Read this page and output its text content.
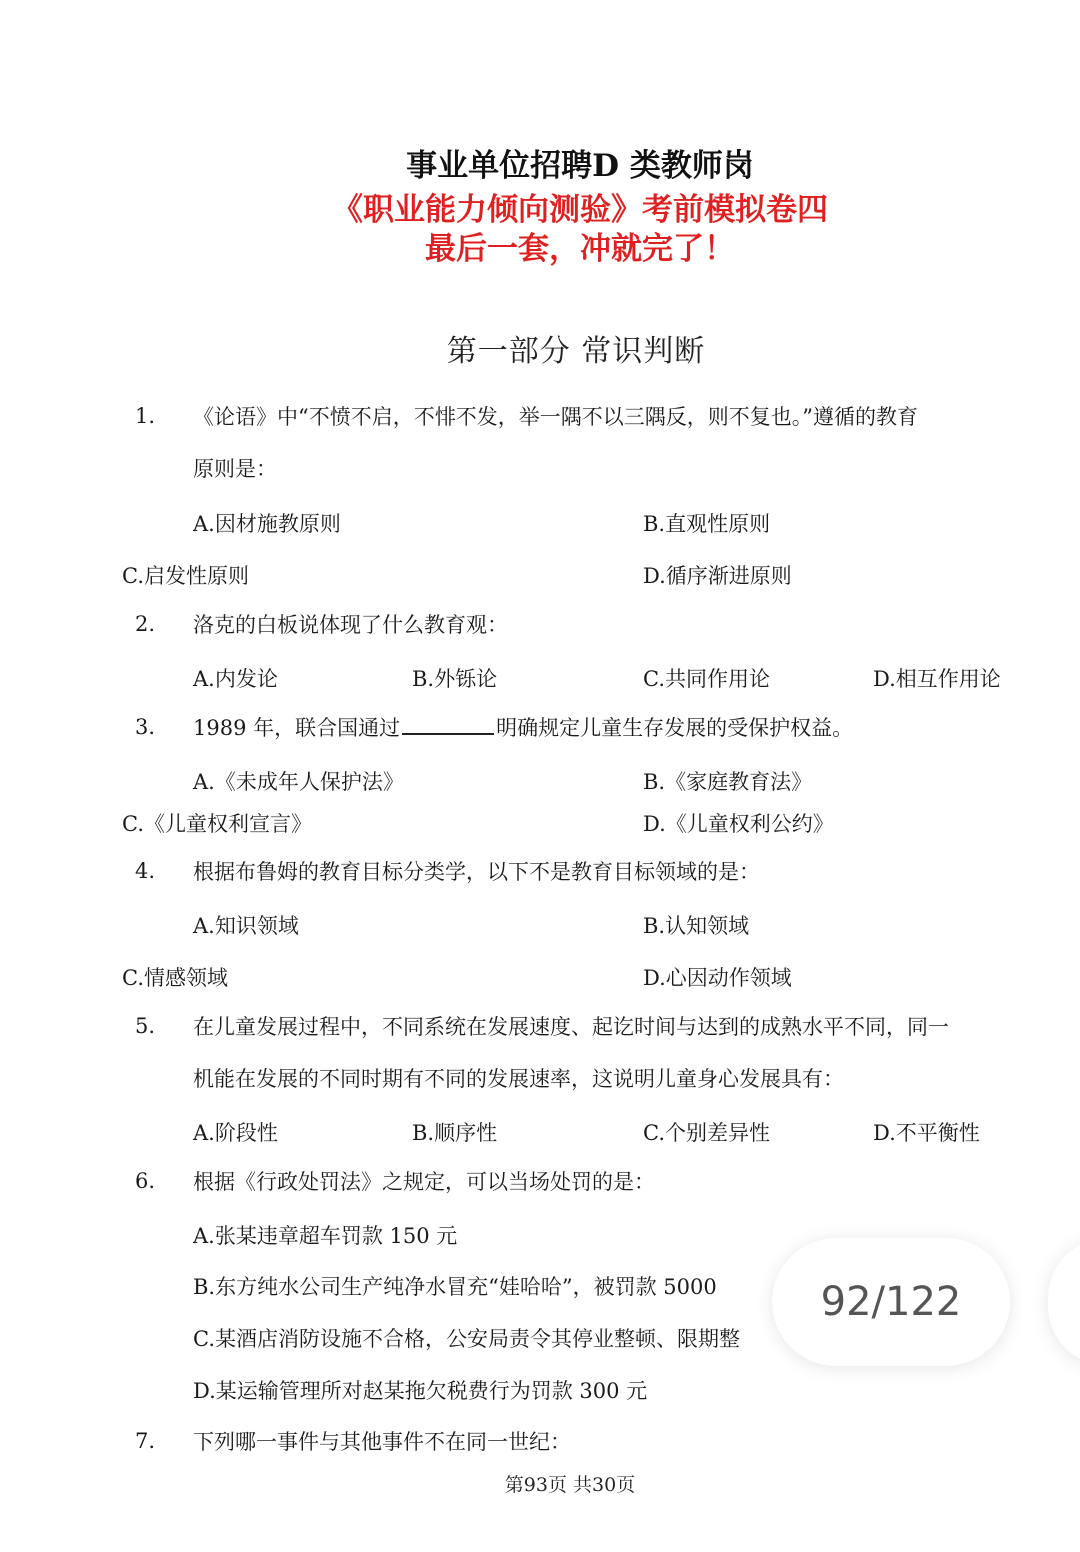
事业单位招聘D 类教师岗
《职业能力倾向测验》考前模拟卷四
最后一套，冲就完了！
第一部分 常识判断
1. 《论语》中“不愤不启，不悱不发，举一隅不以三隅反，则不复也。”遵循的教育
原则是：
A.因材施教原则	B.直观性原则
C.启发性原则	D.循序渐进原则
2. 洛克的白板说体现了什么教育观：
A.内发论	B.外铄论	C.共同作用论	D.相互作用论
3. 1989 年，联合国通过	明确规定儿童生存发展的受保护权益。
A.《未成年人保护法》	B.《家庭教育法》
C.《儿童权利宣言》	D.《儿童权利公约》
4. 根据布鲁姆的教育目标分类学，以下不是教育目标领域的是：
A.知识领域	B.认知领域
C.情感领域	D.心因动作领域
5. 在儿童发展过程中，不同系统在发展速度、起讫时间与达到的成熟水平不同，同一
机能在发展的不同时期有不同的发展速率，这说明儿童身心发展具有：
A.阶段性	B.顺序性	C.个别差异性	D.不平衡性
6. 根据《行政处罚法》之规定，可以当场处罚的是：
A.张某违章超车罚款 150 元
B.东方纯水公司生产纯净水冒充“娃哈哈”，被罚款 5000
C.某酒店消防设施不合格，公安局责令其停业整顿、限期整
D.某运输管理所对赵某拖欠税费行为罚款 300 元
7. 下列哪一事件与其他事件不在同一世纪：
第93页 共30页
92/122
